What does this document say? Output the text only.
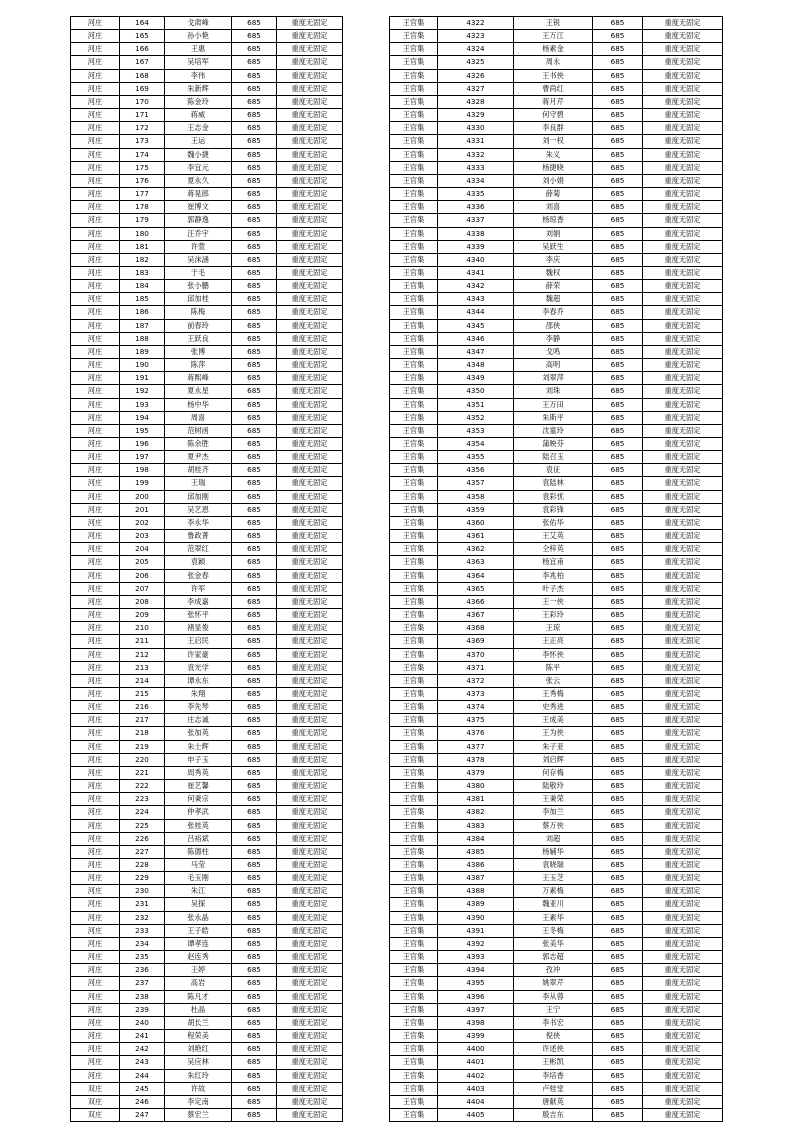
河庄	164	戈肃峰	685	重度无固定
河庄	165	孙小艳	685	重度无固定
河庄	166	王惠	685	重度无固定
河庄	167	吴培军	685	重度无固定
河庄	168	李伟	685	重度无固定
河庄	169	朱新辉	685	重度无固定
河庄	170	陈金玲	685	重度无固定
河庄	171	蒋威	685	重度无固定
河庄	172	王志金	685	重度无固定
河庄	173	王运	685	重度无固定
河庄	174	魏小捷	685	重度无固定
河庄	175	李宜元	685	重度无固定
河庄	176	夏永久	685	重度无固定
河庄	177	蒋晃郎	685	重度无固定
河庄	178	崔博文	685	重度无固定
河庄	179	郭静逸	685	重度无固定
河庄	180	汪乔宇	685	重度无固定
河庄	181	许萱	685	重度无固定
河庄	182	吴沫涵	685	重度无固定
河庄	183	于毛	685	重度无固定
河庄	184	张小鹏	685	重度无固定
河庄	185	邱加桂	685	重度无固定
河庄	186	陈梅	685	重度无固定
河庄	187	前春玲	685	重度无固定
河庄	188	王跃良	685	重度无固定
河庄	189	张博	685	重度无固定
河庄	190	陈萍	685	重度无固定
河庄	191	蒋熙峰	685	重度无固定
河庄	192	夏永星	685	重度无固定
河庄	193	杨中华	685	重度无固定
河庄	194	周喜	685	重度无固定
河庄	195	范树函	685	重度无固定
河庄	196	陈余胜	685	重度无固定
河庄	197	夏尹杰	685	重度无固定
河庄	198	胡桂齐	685	重度无固定
河庄	199	王瑞	685	重度无固定
河庄	200	邱加刚	685	重度无固定
河庄	201	吴艺恩	685	重度无固定
河庄	202	李永华	685	重度无固定
河庄	203	鲁政菁	685	重度无固定
河庄	204	范翠红	685	重度无固定
河庄	205	袁颖	685	重度无固定
河庄	206	张金春	685	重度无固定
河庄	207	许军	685	重度无固定
河庄	208	李成嘉	685	重度无固定
河庄	209	张怀平	685	重度无固定
河庄	210	褚显俊	685	重度无固定
河庄	211	王启民	685	重度无固定
河庄	212	许家豪	685	重度无固定
河庄	213	袁光学	685	重度无固定
河庄	214	谭永东	685	重度无固定
河庄	215	朱翔	685	重度无固定
河庄	216	李先琴	685	重度无固定
河庄	217	庄志诚	685	重度无固定
河庄	218	张加英	685	重度无固定
河庄	219	朱士辉	685	重度无固定
河庄	220	申子玉	685	重度无固定
河庄	221	周秀英	685	重度无固定
河庄	222	崔艺馨	685	重度无固定
河庄	223	何秉宗	685	重度无固定
河庄	224	仲孝武	685	重度无固定
河庄	225	张桂英	685	重度无固定
河庄	226	吕裕斌	685	重度无固定
河庄	227	陈德柱	685	重度无固定
河庄	228	马莹	685	重度无固定
河庄	229	毛玉刚	685	重度无固定
河庄	230	朱江	685	重度无固定
河庄	231	吴探	685	重度无固定
河庄	232	张永晶	685	重度无固定
河庄	233	王子皓	685	重度无固定
河庄	234	谭孝连	685	重度无固定
河庄	235	赵连秀	685	重度无固定
河庄	236	王婷	685	重度无固定
河庄	237	高岩	685	重度无固定
河庄	238	陈凡才	685	重度无固定
河庄	239	杜晶	685	重度无固定
河庄	240	胡长兰	685	重度无固定
河庄	241	程荣美	685	重度无固定
河庄	242	刘艳红	685	重度无固定
河庄	243	吴应林	685	重度无固定
河庄	244	朱红玲	685	重度无固定
双庄	245	许故	685	重度无固定
双庄	246	李定南	685	重度无固定
双庄	247	蔡宏兰	685	重度无固定
王官集	4322	王锐	685	重度无固定
王官集	4323	王万江	685	重度无固定
王官集	4324	杨素金	685	重度无固定
王官集	4325	周永	685	重度无固定
王官集	4326	王书侠	685	重度无固定
王官集	4327	曹尚红	685	重度无固定
王官集	4328	蒋月芹	685	重度无固定
王官集	4329	何守碧	685	重度无固定
王官集	4330	李良群	685	重度无固定
王官集	4331	刘一权	685	重度无固定
王官集	4332	朱义	685	重度无固定
王官集	4333	杨捷晓	685	重度无固定
王官集	4334	刘小娟	685	重度无固定
王官集	4335	薛菊	685	重度无固定
王官集	4336	刘喜	685	重度无固定
王官集	4337	杨琼香	685	重度无固定
王官集	4338	刘娟	685	重度无固定
王官集	4339	吴跃生	685	重度无固定
王官集	4340	李庆	685	重度无固定
王官集	4341	魏权	685	重度无固定
王官集	4342	薛荣	685	重度无固定
王官集	4343	魏超	685	重度无固定
王官集	4344	李春乔	685	重度无固定
王官集	4345	邵侠	685	重度无固定
王官集	4346	李静	685	重度无固定
王官集	4347	戈鸣	685	重度无固定
王官集	4348	高明	685	重度无固定
王官集	4349	刘翠萍	685	重度无固定
王官集	4350	刘珠	685	重度无固定
王官集	4351	王万田	685	重度无固定
王官集	4352	朱斯平	685	重度无固定
王官集	4353	沈童玲	685	重度无固定
王官集	4354	蒲映芬	685	重度无固定
王官集	4355	陆召玉	685	重度无固定
王官集	4356	袁征	685	重度无固定
王官集	4357	袁陆林	685	重度无固定
王官集	4358	袁彩忧	685	重度无固定
王官集	4359	袁彩锋	685	重度无固定
王官集	4360	张佑华	685	重度无固定
王官集	4361	王艾英	685	重度无固定
王官集	4362	仝梓英	685	重度无固定
王官集	4363	杨宜甫	685	重度无固定
王官集	4364	李兆柏	685	重度无固定
王官集	4365	叶子杰	685	重度无固定
王官集	4366	王一侠	685	重度无固定
王官集	4367	王彩玲	685	重度无固定
王官集	4368	王琼	685	重度无固定
王官集	4369	王正亮	685	重度无固定
王官集	4370	李怀侠	685	重度无固定
王官集	4371	陈平	685	重度无固定
王官集	4372	张云	685	重度无固定
王官集	4373	王秀梅	685	重度无固定
王官集	4374	史秀进	685	重度无固定
王官集	4375	王成美	685	重度无固定
王官集	4376	王为侠	685	重度无固定
王官集	4377	朱子亚	685	重度无固定
王官集	4378	刘启辉	685	重度无固定
王官集	4379	何存梅	685	重度无固定
王官集	4380	陆敬玲	685	重度无固定
王官集	4381	王秉荣	685	重度无固定
王官集	4382	李加兰	685	重度无固定
王官集	4383	蔡万侠	685	重度无固定
王官集	4384	刘超	685	重度无固定
王官集	4385	杨辅华	685	重度无固定
王官集	4386	袁晓瑞	685	重度无固定
王官集	4387	王玉芝	685	重度无固定
王官集	4388	万素梅	685	重度无固定
王官集	4389	魏亚川	685	重度无固定
王官集	4390	王素华	685	重度无固定
王官集	4391	王冬梅	685	重度无固定
王官集	4392	张美华	685	重度无固定
王官集	4393	郭志超	685	重度无固定
王官集	4394	孜冲	685	重度无固定
王官集	4395	姚翠芹	685	重度无固定
王官集	4396	李从蓉	685	重度无固定
王官集	4397	王宁	685	重度无固定
王官集	4398	李书宏	685	重度无固定
王官集	4399	倪侠	685	重度无固定
王官集	4400	许述侠	685	重度无固定
王官集	4401	王彬凯	685	重度无固定
王官集	4402	李培香	685	重度无固定
王官集	4403	卢桂堂	685	重度无固定
王官集	4404	唐献英	685	重度无固定
王官集	4405	殷吉东	685	重度无固定
